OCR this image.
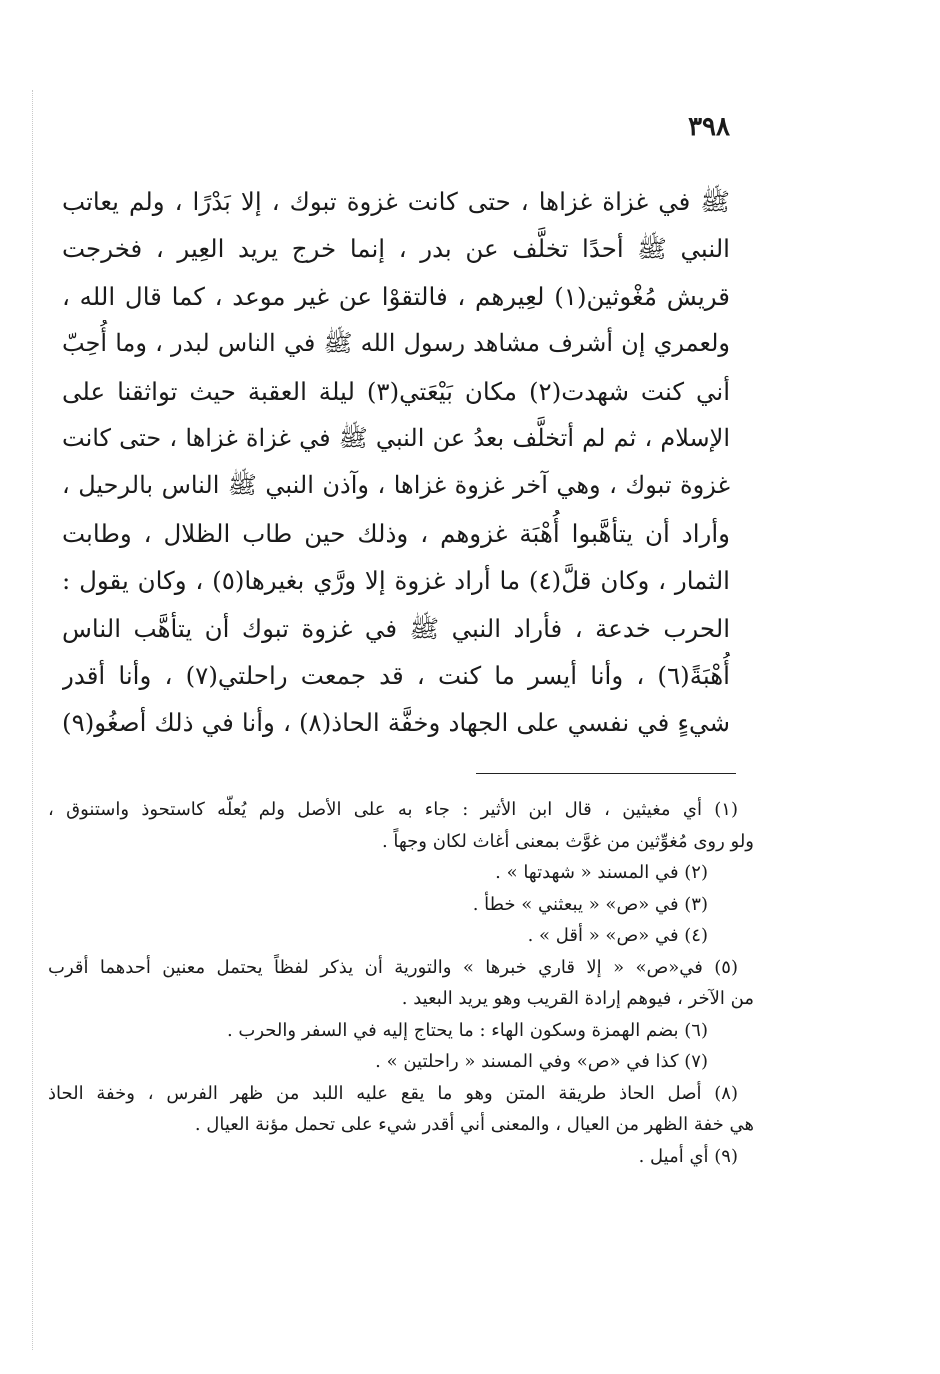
٣٩٨
ﷺ في غزاة غزاها ، حتى كانت غزوة تبوك ، إلا بَدْرًا ، ولم يعاتب
النبي ﷺ أحدًا تخلَّف عن بدر ، إنما خرج يريد العِير ، فخرجت
قريش مُغْوثين(١) لعِيرهم ، فالتقوْا عن غير موعد ، كما قال الله ،
ولعمري إن أشرف مشاهد رسول الله ﷺ في الناس لبدر ، وما أُحِبّ
أني كنت شهدت(٢) مكان بَيْعَتي(٣) ليلة العقبة حيث تواثقنا على
الإسلام ، ثم لم أتخلَّف بعدُ عن النبي ﷺ في غزاة غزاها ، حتى كانت
غزوة تبوك ، وهي آخر غزوة غزاها ، وآذن النبي ﷺ الناس بالرحيل ،
وأراد أن يتأهَّبوا أُهْبَة غزوهم ، وذلك حين طاب الظلال ، وطابت
الثمار ، وكان قلَّ(٤) ما أراد غزوة إلا ورَّي بغيرها(٥) ، وكان يقول :
الحرب خدعة ، فأراد النبي ﷺ في غزوة تبوك أن يتأهَّب الناس
أُهْبَةً(٦) ، وأنا أيسر ما كنت ، قد جمعت راحلتي(٧) ، وأنا أقدر
شيءٍ في نفسي على الجهاد وخفَّة الحاذ(٨) ، وأنا في ذلك أصغُو(٩)
(١) أي مغيثين ، قال ابن الأثير : جاء به على الأصل ولم يُعلّه كاستحوذ واستنوق ،
ولو روى مُغوِّثين من غوَّث بمعنى أغاث لكان وجهاً .
(٢) في المسند « شهدتها » .
(٣) في «ص» « يبعثني » خطأ .
(٤) في «ص» « أقل » .
(٥) في«ص» « إلا قاري خبرها » والتورية أن يذكر لفظاً يحتمل معنين أحدهما أقرب
من الآخر ، فيوهم إرادة القريب وهو يريد البعيد .
(٦) بضم الهمزة وسكون الهاء : ما يحتاج إليه في السفر والحرب .
(٧) كذا في «ص» وفي المسند « راحلتين » .
(٨) أصل الحاذ طريقة المتن وهو ما يقع عليه اللبد من ظهر الفرس ، وخفة الحاذ
هي خفة الظهر من العيال ، والمعنى أني أقدر شيء على تحمل مؤنة العيال .
(٩) أي أميل .
